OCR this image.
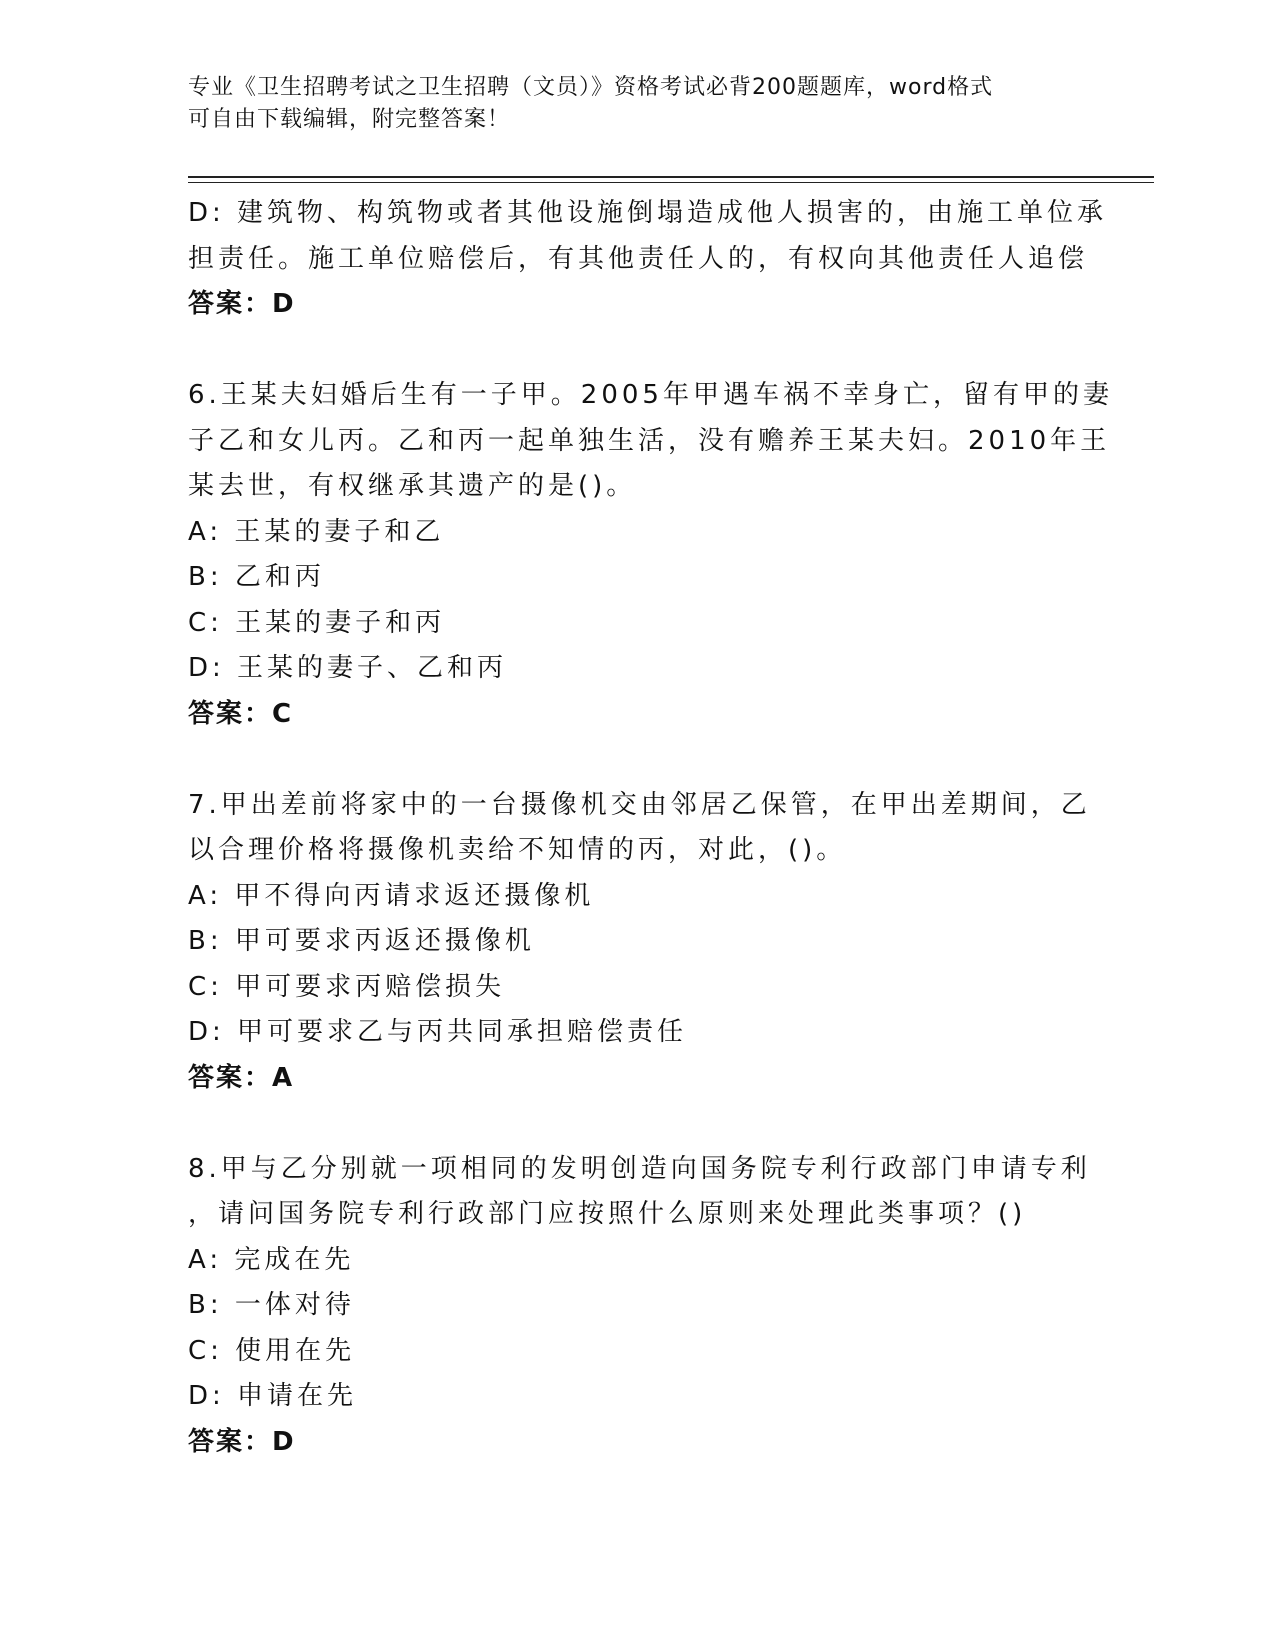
专业《卫生招聘考试之卫生招聘（文员）》资格考试必背200题题库，word格式
可自由下载编辑，附完整答案！
D: 建筑物、构筑物或者其他设施倒塌造成他人损害的，由施工单位承
担责任。施工单位赔偿后，有其他责任人的，有权向其他责任人追偿
答案：D
6.王某夫妇婚后生有一子甲。2005年甲遇车祸不幸身亡，留有甲的妻
子乙和女儿丙。乙和丙一起单独生活，没有赡养王某夫妇。2010年王
某去世，有权继承其遗产的是()。
A: 王某的妻子和乙
B: 乙和丙
C: 王某的妻子和丙
D: 王某的妻子、乙和丙
答案：C
7.甲出差前将家中的一台摄像机交由邻居乙保管，在甲出差期间，乙
以合理价格将摄像机卖给不知情的丙，对此，()。
A: 甲不得向丙请求返还摄像机
B: 甲可要求丙返还摄像机
C: 甲可要求丙赔偿损失
D: 甲可要求乙与丙共同承担赔偿责任
答案：A
8.甲与乙分别就一项相同的发明创造向国务院专利行政部门申请专利
，请问国务院专利行政部门应按照什么原则来处理此类事项？()
A: 完成在先
B: 一体对待
C: 使用在先
D: 申请在先
答案：D
